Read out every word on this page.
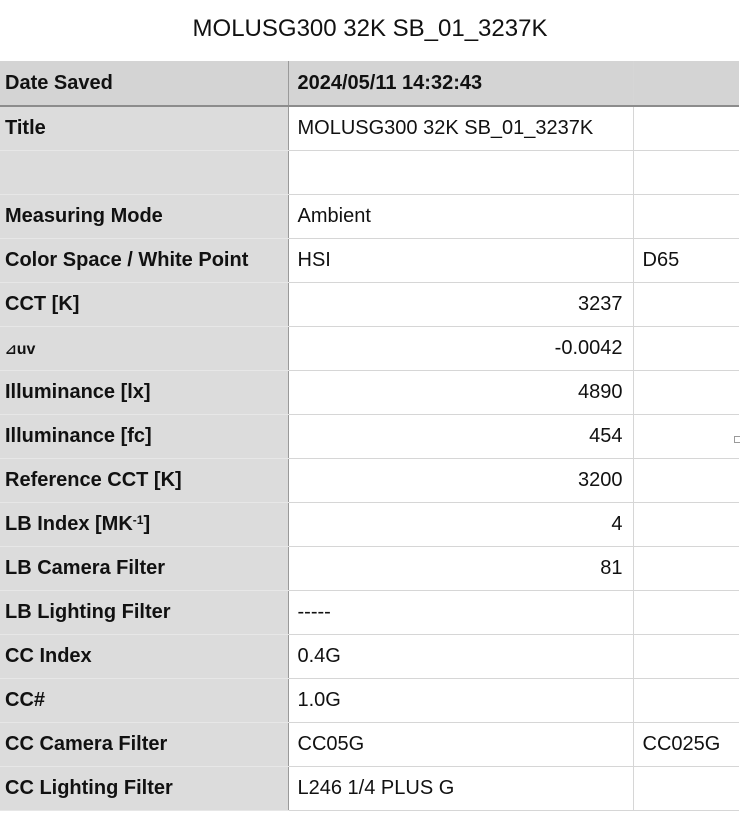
MOLUSG300 32K SB_01_3237K
Date Saved	2024/05/11 14:32:43	
Title	MOLUSG300 32K SB_01_3237K	

Measuring Mode	Ambient	
Color Space / White Point	HSI	D65
CCT [K]	3237	
⊿uv	-0.0042	
Illuminance [lx]	4890	
Illuminance [fc]	454	
Reference CCT [K]	3200	
LB Index $[MK^{-1}]$	4	
LB Camera Filter	81	
LB Lighting Filter	-----	
CC Index	0.4G	
CC#	1.0G	
CC Camera Filter	CC05G	CC025G
CC Lighting Filter	L246 1/4 PLUS G	
